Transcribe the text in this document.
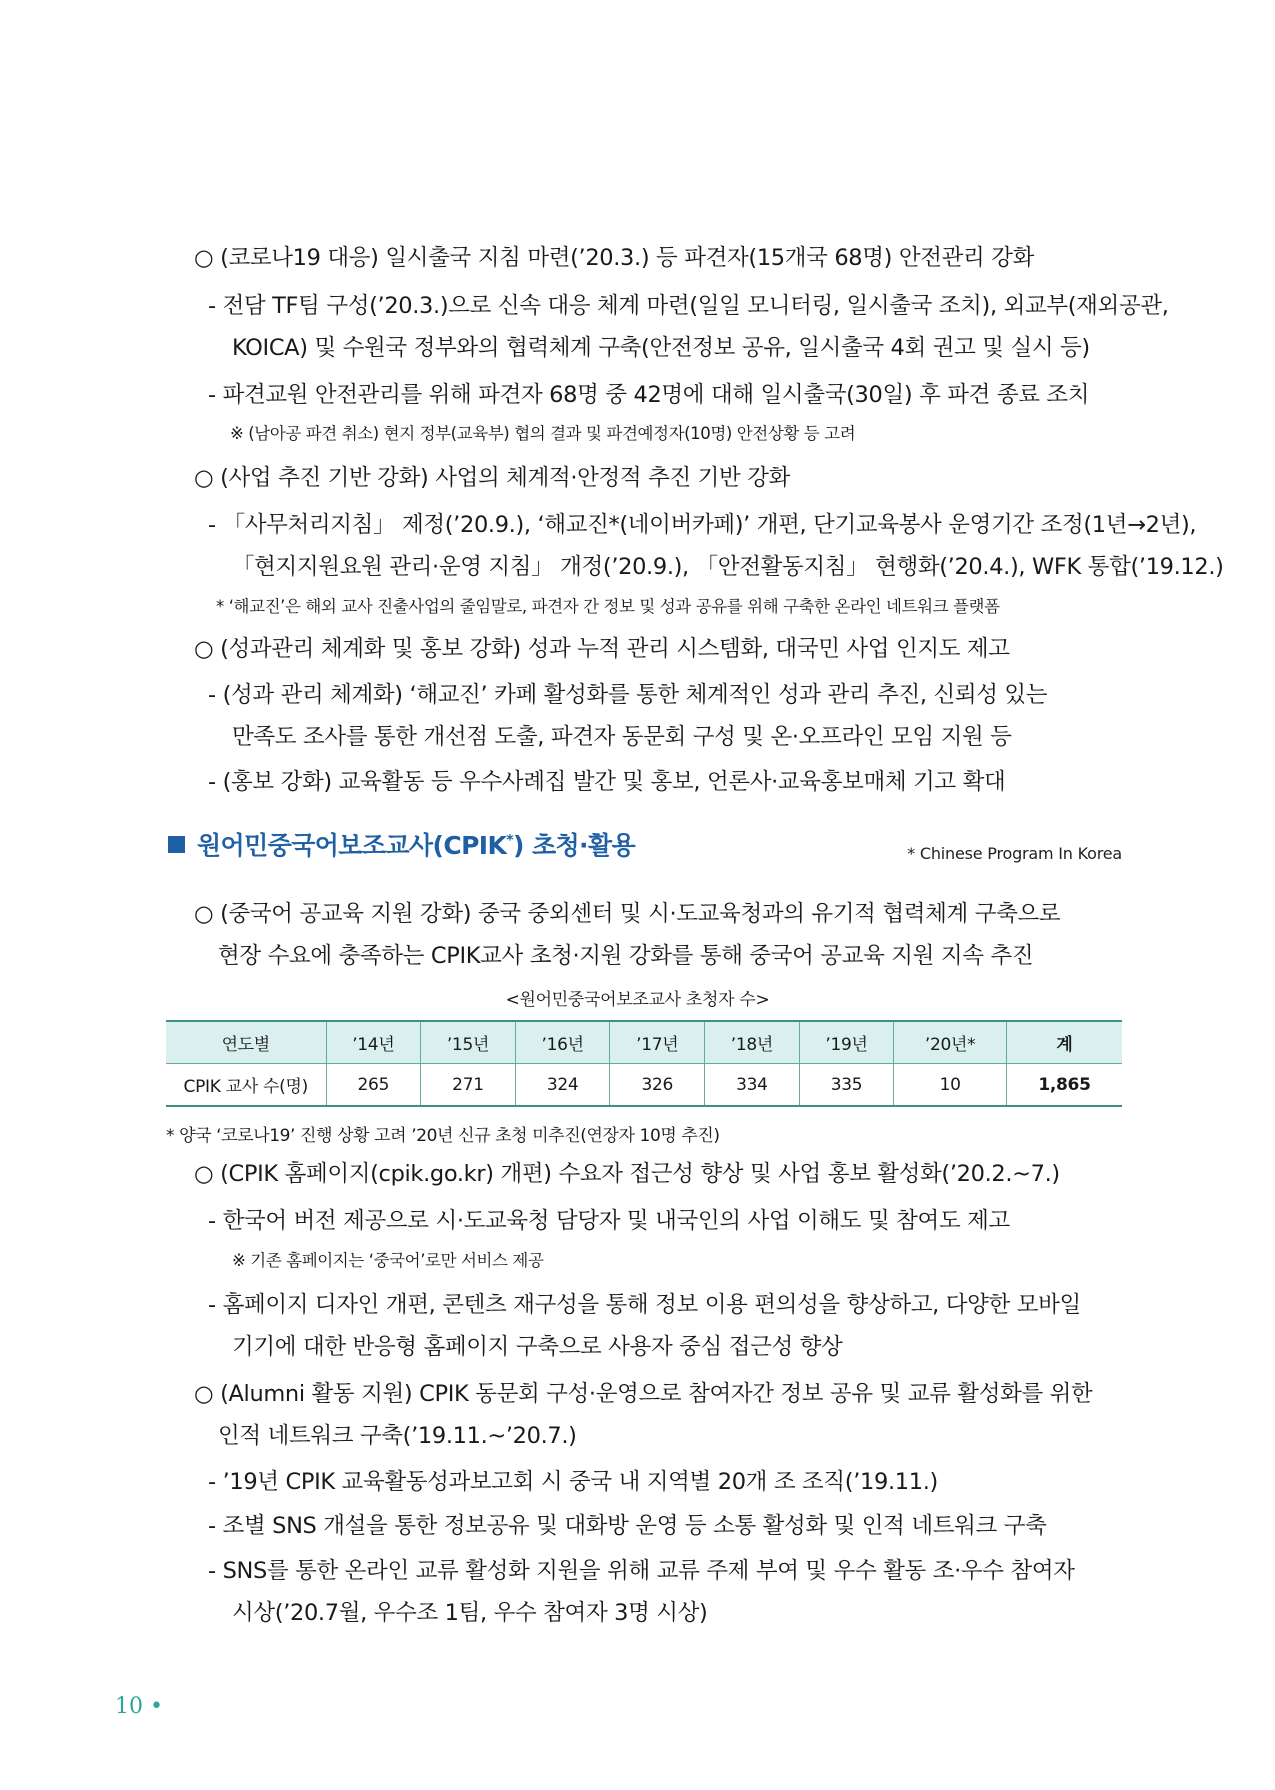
○ (코로나19 대응) 일시출국 지침 마련(’20.3.) 등 파견자(15개국 68명) 안전관리 강화
- 전담 TF팀 구성(’20.3.)으로 신속 대응 체계 마련(일일 모니터링, 일시출국 조치), 외교부(재외공관,
KOICA) 및 수원국 정부와의 협력체계 구축(안전정보 공유, 일시출국 4회 권고 및 실시 등)
- 파견교원 안전관리를 위해 파견자 68명 중 42명에 대해 일시출국(30일) 후 파견 종료 조치
※ (남아공 파견 취소) 현지 정부(교육부) 협의 결과 및 파견예정자(10명) 안전상황 등 고려
○ (사업 추진 기반 강화) 사업의 체계적·안정적 추진 기반 강화
- 「사무처리지침」 제정(’20.9.), ‘해교진*(네이버카페)’ 개편, 단기교육봉사 운영기간 조정(1년→2년),
「현지지원요원 관리·운영 지침」 개정(’20.9.), 「안전활동지침」 현행화(’20.4.), WFK 통합(’19.12.)
* ‘해교진’은 해외 교사 진출사업의 줄임말로, 파견자 간 정보 및 성과 공유를 위해 구축한 온라인 네트워크 플랫폼
○ (성과관리 체계화 및 홍보 강화) 성과 누적 관리 시스템화, 대국민 사업 인지도 제고
- (성과 관리 체계화) ‘해교진’ 카페 활성화를 통한 체계적인 성과 관리 추진, 신뢰성 있는
만족도 조사를 통한 개선점 도출, 파견자 동문회 구성 및 온·오프라인 모임 지원 등
- (홍보 강화) 교육활동 등 우수사례집 발간 및 홍보, 언론사·교육홍보매체 기고 확대
원어민중국어보조교사(CPIK*) 초청·활용	* Chinese Program In Korea
○ (중국어 공교육 지원 강화) 중국 중외센터 및 시·도교육청과의 유기적 협력체계 구축으로
현장 수요에 충족하는 CPIK교사 초청·지원 강화를 통해 중국어 공교육 지원 지속 추진
<원어민중국어보조교사 초청자 수>
연도별	’14년	’15년	’16년	’17년	’18년	’19년	’20년*	계
CPIK 교사 수(명)	265	271	324	326	334	335	10	1,865
* 양국 ‘코로나19’ 진행 상황 고려 ’20년 신규 초청 미추진(연장자 10명 추진)
○ (CPIK 홈페이지(cpik.go.kr) 개편) 수요자 접근성 향상 및 사업 홍보 활성화(’20.2.~7.)
- 한국어 버전 제공으로 시·도교육청 담당자 및 내국인의 사업 이해도 및 참여도 제고
※ 기존 홈페이지는 ‘중국어’로만 서비스 제공
- 홈페이지 디자인 개편, 콘텐츠 재구성을 통해 정보 이용 편의성을 향상하고, 다양한 모바일
기기에 대한 반응형 홈페이지 구축으로 사용자 중심 접근성 향상
○ (Alumni 활동 지원) CPIK 동문회 구성·운영으로 참여자간 정보 공유 및 교류 활성화를 위한
인적 네트워크 구축(’19.11.~’20.7.)
- ’19년 CPIK 교육활동성과보고회 시 중국 내 지역별 20개 조 조직(’19.11.)
- 조별 SNS 개설을 통한 정보공유 및 대화방 운영 등 소통 활성화 및 인적 네트워크 구축
- SNS를 통한 온라인 교류 활성화 지원을 위해 교류 주제 부여 및 우수 활동 조·우수 참여자
시상(’20.7월, 우수조 1팀, 우수 참여자 3명 시상)
10 •
